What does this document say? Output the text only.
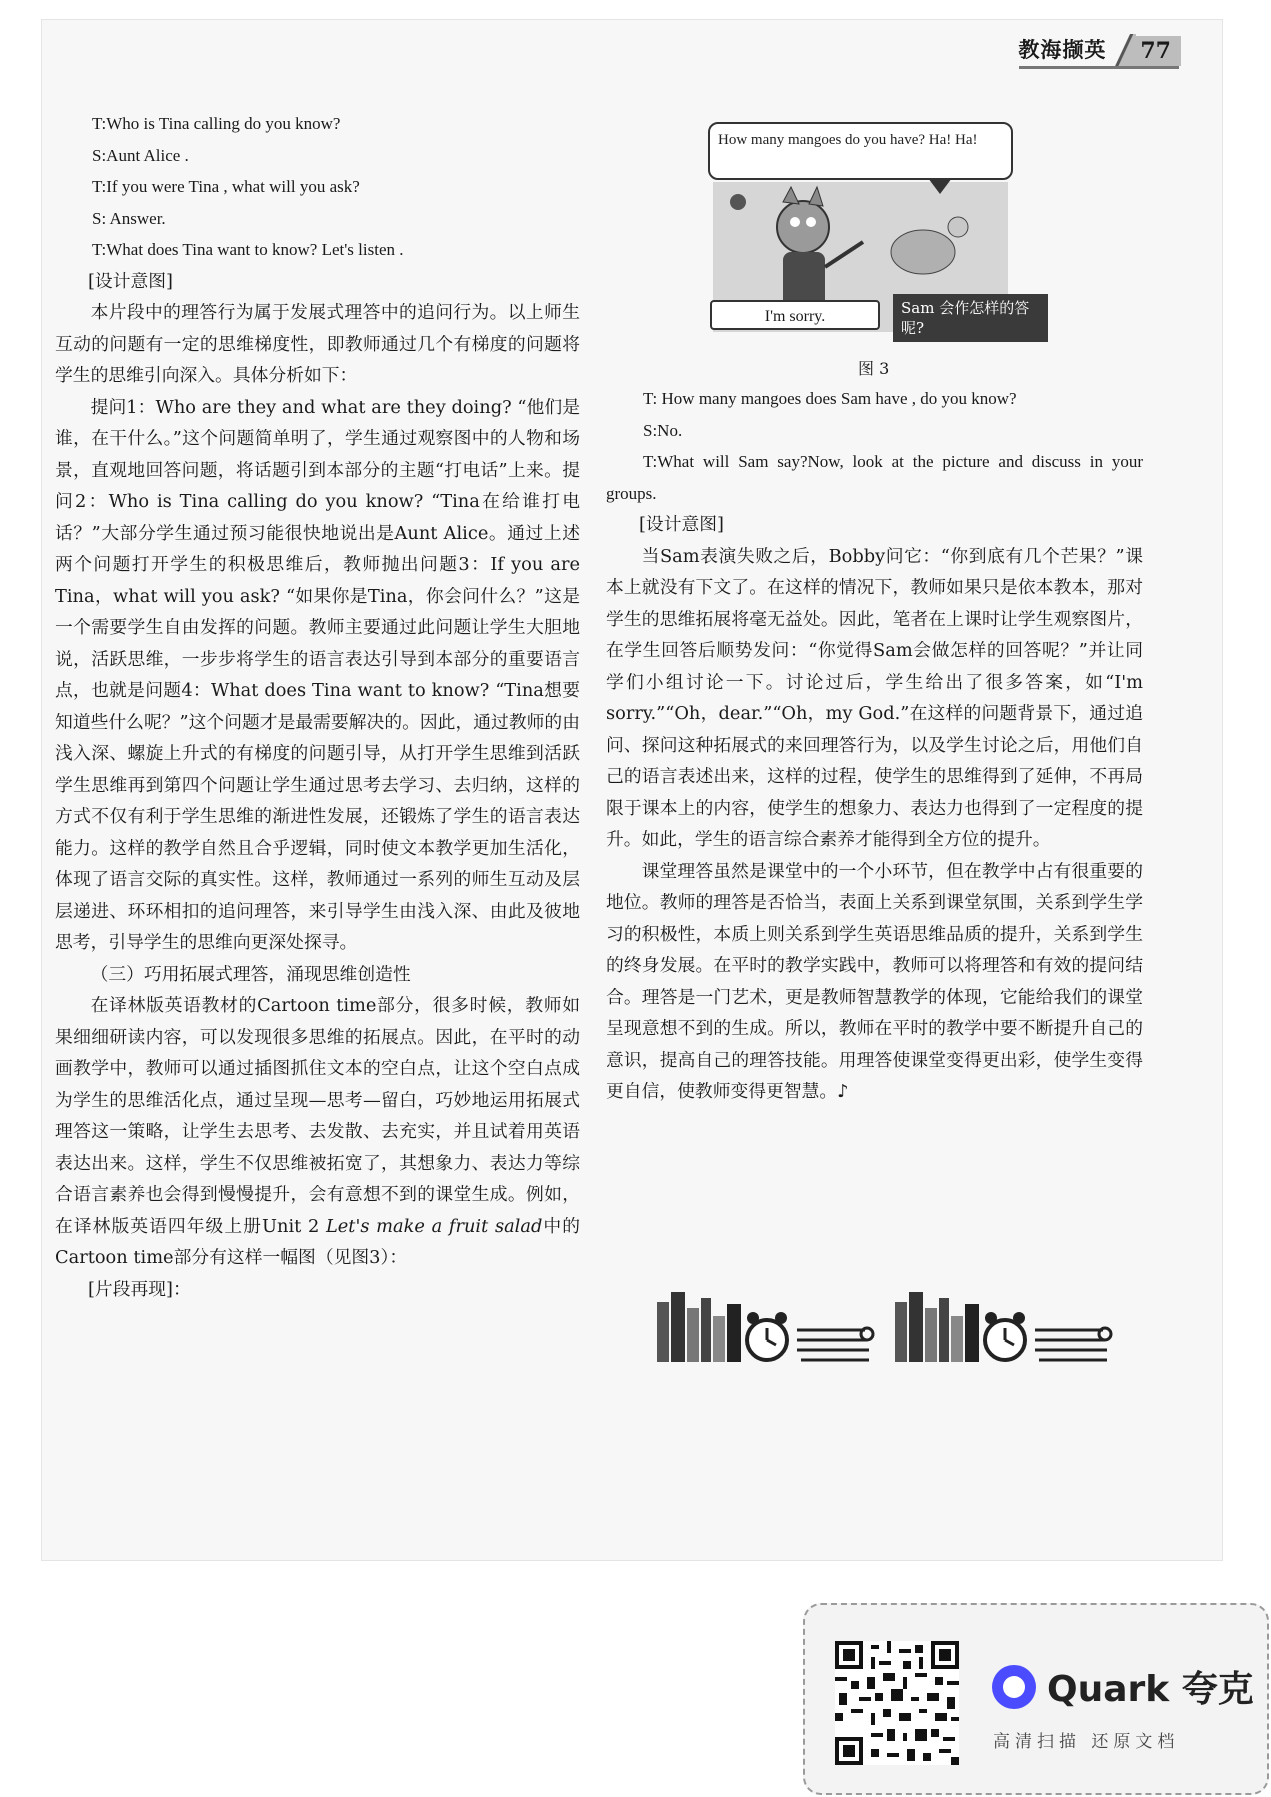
教海撷英 77

T:Who is Tina calling do you know?

S:Aunt Alice .

T:If you were Tina , what will you ask?

S: Answer.

T:What does Tina want to know? Let's listen .

[设计意图]

本片段中的理答行为属于发展式理答中的追问行为。以上师生互动的问题有一定的思维梯度性，即教师通过几个有梯度的问题将学生的思维引向深入。具体分析如下：

提问1：Who are they and what are they doing? “他们是谁，在干什么。”这个问题简单明了，学生通过观察图中的人物和场景，直观地回答问题，将话题引到本部分的主题“打电话”上来。提问2：Who is Tina calling do you know? “Tina在给谁打电话？”大部分学生通过预习能很快地说出是Aunt Alice。通过上述两个问题打开学生的积极思维后，教师抛出问题3：If you are Tina，what will you ask? “如果你是Tina，你会问什么？”这是一个需要学生自由发挥的问题。教师主要通过此问题让学生大胆地说，活跃思维，一步步将学生的语言表达引导到本部分的重要语言点，也就是问题4：What does Tina want to know? “Tina想要知道些什么呢？”这个问题才是最需要解决的。因此，通过教师的由浅入深、螺旋上升式的有梯度的问题引导，从打开学生思维到活跃学生思维再到第四个问题让学生通过思考去学习、去归纳，这样的方式不仅有利于学生思维的渐进性发展，还锻炼了学生的语言表达能力。这样的教学自然且合乎逻辑，同时使文本教学更加生活化，体现了语言交际的真实性。这样，教师通过一系列的师生互动及层层递进、环环相扣的追问理答，来引导学生由浅入深、由此及彼地思考，引导学生的思维向更深处探寻。

（三）巧用拓展式理答，涌现思维创造性

在译林版英语教材的Cartoon time部分，很多时候，教师如果细细研读内容，可以发现很多思维的拓展点。因此，在平时的动画教学中，教师可以通过插图抓住文本的空白点，让这个空白点成为学生的思维活化点，通过呈现—思考—留白，巧妙地运用拓展式理答这一策略，让学生去思考、去发散、去充实，并且试着用英语表达出来。这样，学生不仅思维被拓宽了，其想象力、表达力等综合语言素养也会得到慢慢提升，会有意想不到的课堂生成。例如，在译林版英语四年级上册Unit 2 Let's make a fruit salad中的Cartoon time部分有这样一幅图（见图3）：

[片段再现]：

How many mangoes do you have? Ha! Ha!
I'm sorry.	Sam 会作怎样的答呢?
图 3

T: How many mangoes does Sam have , do you know?

S:No.

T:What will Sam say?Now, look at the picture and discuss in your groups.

[设计意图]

当Sam表演失败之后，Bobby问它：“你到底有几个芒果？”课本上就没有下文了。在这样的情况下，教师如果只是依本教本，那对学生的思维拓展将毫无益处。因此，笔者在上课时让学生观察图片，在学生回答后顺势发问：“你觉得Sam会做怎样的回答呢？”并让同学们小组讨论一下。讨论过后，学生给出了很多答案，如“I'm sorry.”“Oh，dear.”“Oh，my God.”在这样的问题背景下，通过追问、探问这种拓展式的来回理答行为，以及学生讨论之后，用他们自己的语言表述出来，这样的过程，使学生的思维得到了延伸，不再局限于课本上的内容，使学生的想象力、表达力也得到了一定程度的提升。如此，学生的语言综合素养才能得到全方位的提升。

课堂理答虽然是课堂中的一个小环节，但在教学中占有很重要的地位。教师的理答是否恰当，表面上关系到课堂氛围，关系到学生学习的积极性，本质上则关系到学生英语思维品质的提升，关系到学生的终身发展。在平时的教学实践中，教师可以将理答和有效的提问结合。理答是一门艺术，更是教师智慧教学的体现，它能给我们的课堂呈现意想不到的生成。所以，教师在平时的教学中要不断提升自己的意识，提高自己的理答技能。用理答使课堂变得更出彩，使学生变得更自信，使教师变得更智慧。♪

Quark 夸克
高清扫描 还原文档
